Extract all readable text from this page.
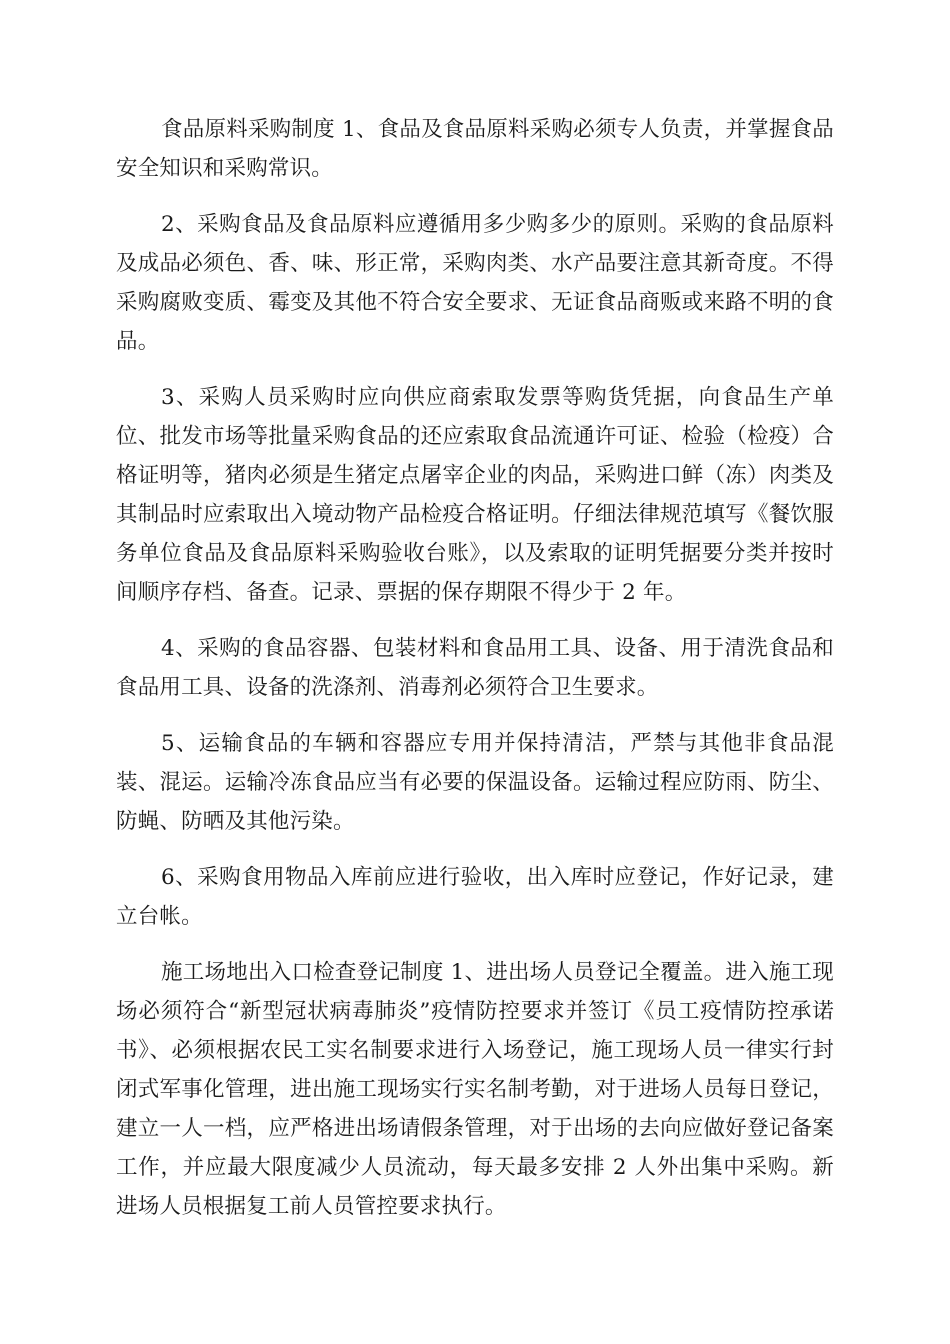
食品原料采购制度 1、食品及食品原料采购必须专人负责，并掌握食品安全知识和采购常识。

2、采购食品及食品原料应遵循用多少购多少的原则。采购的食品原料及成品必须色、香、味、形正常，采购肉类、水产品要注意其新奇度。不得采购腐败变质、霉变及其他不符合安全要求、无证食品商贩或来路不明的食品。

3、采购人员采购时应向供应商索取发票等购货凭据，向食品生产单位、批发市场等批量采购食品的还应索取食品流通许可证、检验（检疫）合格证明等，猪肉必须是生猪定点屠宰企业的肉品，采购进口鲜（冻）肉类及其制品时应索取出入境动物产品检疫合格证明。仔细法律规范填写《餐饮服务单位食品及食品原料采购验收台账》，以及索取的证明凭据要分类并按时间顺序存档、备查。记录、票据的保存期限不得少于 2 年。

4、采购的食品容器、包装材料和食品用工具、设备、用于清洗食品和食品用工具、设备的洗涤剂、消毒剂必须符合卫生要求。

5、运输食品的车辆和容器应专用并保持清洁，严禁与其他非食品混装、混运。运输冷冻食品应当有必要的保温设备。运输过程应防雨、防尘、防蝇、防晒及其他污染。

6、采购食用物品入库前应进行验收，出入库时应登记，作好记录，建立台帐。

施工场地出入口检查登记制度 1、进出场人员登记全覆盖。进入施工现场必须符合“新型冠状病毒肺炎”疫情防控要求并签订《员工疫情防控承诺书》、必须根据农民工实名制要求进行入场登记，施工现场人员一律实行封闭式军事化管理，进出施工现场实行实名制考勤，对于进场人员每日登记，建立一人一档，应严格进出场请假条管理，对于出场的去向应做好登记备案工作，并应最大限度减少人员流动，每天最多安排 2 人外出集中采购。新进场人员根据复工前人员管控要求执行。
